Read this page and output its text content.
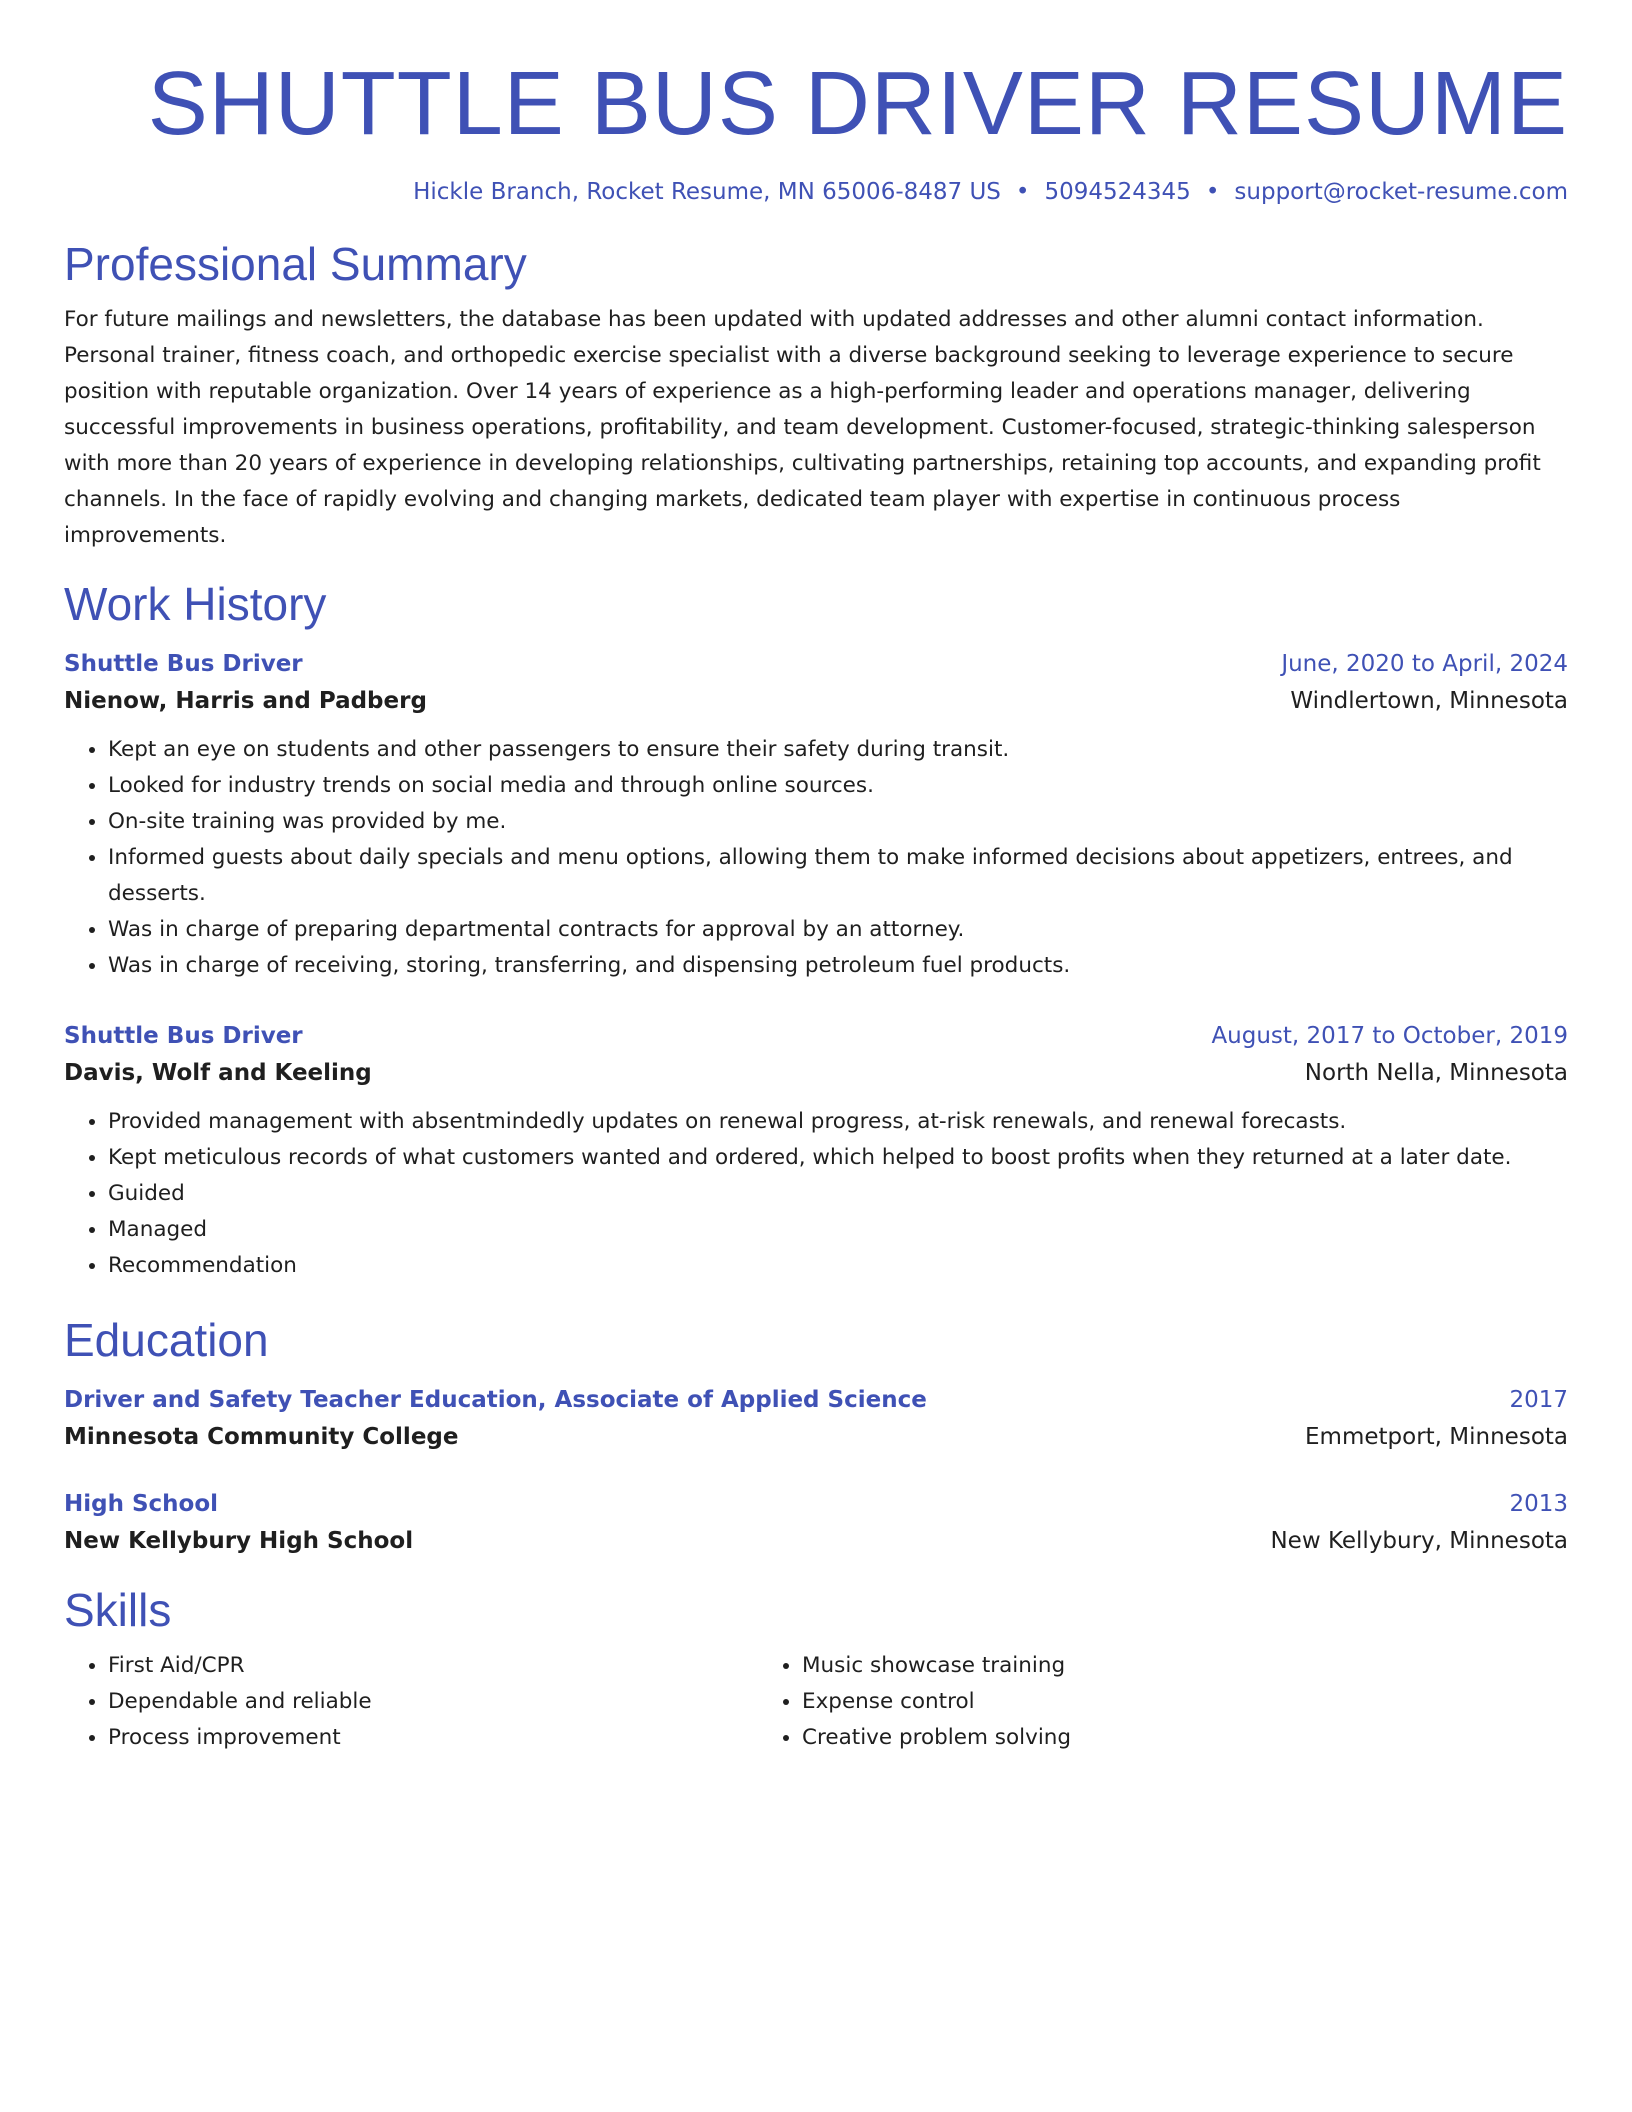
SHUTTLE BUS DRIVER RESUME
Hickle Branch, Rocket Resume, MN 65006-8487 US • 5094524345 • support@rocket-resume.com
Professional Summary

For future mailings and newsletters, the database has been updated with updated addresses and other alumni contact information. Personal trainer, fitness coach, and orthopedic exercise specialist with a diverse background seeking to leverage experience to secure position with reputable organization. Over 14 years of experience as a high-performing leader and operations manager, delivering successful improvements in business operations, profitability, and team development. Customer-focused, strategic-thinking salesperson with more than 20 years of experience in developing relationships, cultivating partnerships, retaining top accounts, and expanding profit channels. In the face of rapidly evolving and changing markets, dedicated team player with expertise in continuous process improvements.

Work History
Shuttle Bus Driver	June, 2020 to April, 2024
Nienow, Harris and Padberg	Windlertown, Minnesota
• Kept an eye on students and other passengers to ensure their safety during transit.
• Looked for industry trends on social media and through online sources.
• On-site training was provided by me.
• Informed guests about daily specials and menu options, allowing them to make informed decisions about appetizers, entrees, and desserts.
• Was in charge of preparing departmental contracts for approval by an attorney.
• Was in charge of receiving, storing, transferring, and dispensing petroleum fuel products.
Shuttle Bus Driver	August, 2017 to October, 2019
Davis, Wolf and Keeling	North Nella, Minnesota
• Provided management with absentmindedly updates on renewal progress, at-risk renewals, and renewal forecasts.
• Kept meticulous records of what customers wanted and ordered, which helped to boost profits when they returned at a later date.
• Guided
• Managed
• Recommendation
Education
Driver and Safety Teacher Education, Associate of Applied Science	2017
Minnesota Community College	Emmetport, Minnesota
High School	2013
New Kellybury High School	New Kellybury, Minnesota
Skills
• First Aid/CPR
• Dependable and reliable
• Process improvement
• Music showcase training
• Expense control
• Creative problem solving
